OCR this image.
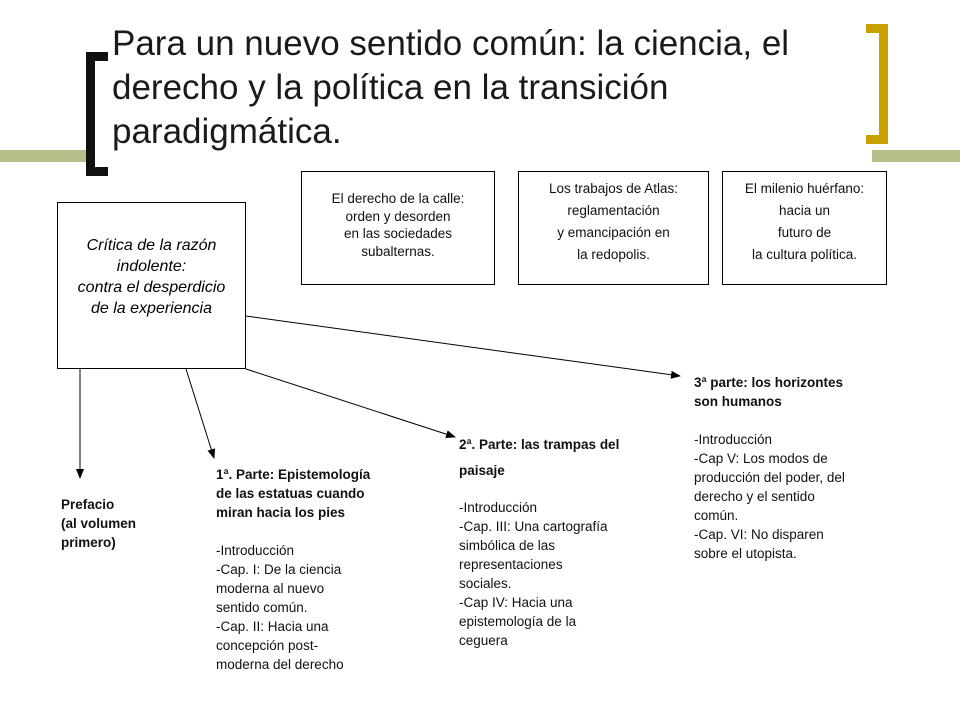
Para un nuevo sentido común: la ciencia, el derecho y la política en la transición paradigmática.
Crítica de la razón
indolente:
contra el desperdicio
de la experiencia
El derecho de la calle:
orden y desorden
en las sociedades
subalternas.
Los trabajos de Atlas:
reglamentación
y emancipación en
la redopolis.
El milenio huérfano:
hacia un
futuro de
la cultura política.
Prefacio
(al volumen
primero)
1ª. Parte: Epistemología
de las estatuas cuando
miran hacia los pies
-Introducción
-Cap. I: De la ciencia
moderna al nuevo
sentido común.
-Cap. II: Hacia una
concepción post-
moderna del derecho
2ª. Parte: las trampas del
paisaje
-Introducción
-Cap. III: Una cartografía
simbólica de las
representaciones
sociales.
-Cap IV: Hacia una
epistemología de la
ceguera
3ª parte: los horizontes
son humanos
-Introducción
-Cap V: Los modos de
producción del poder, del
derecho y el sentido
común.
-Cap. VI: No disparen
sobre el utopista.
